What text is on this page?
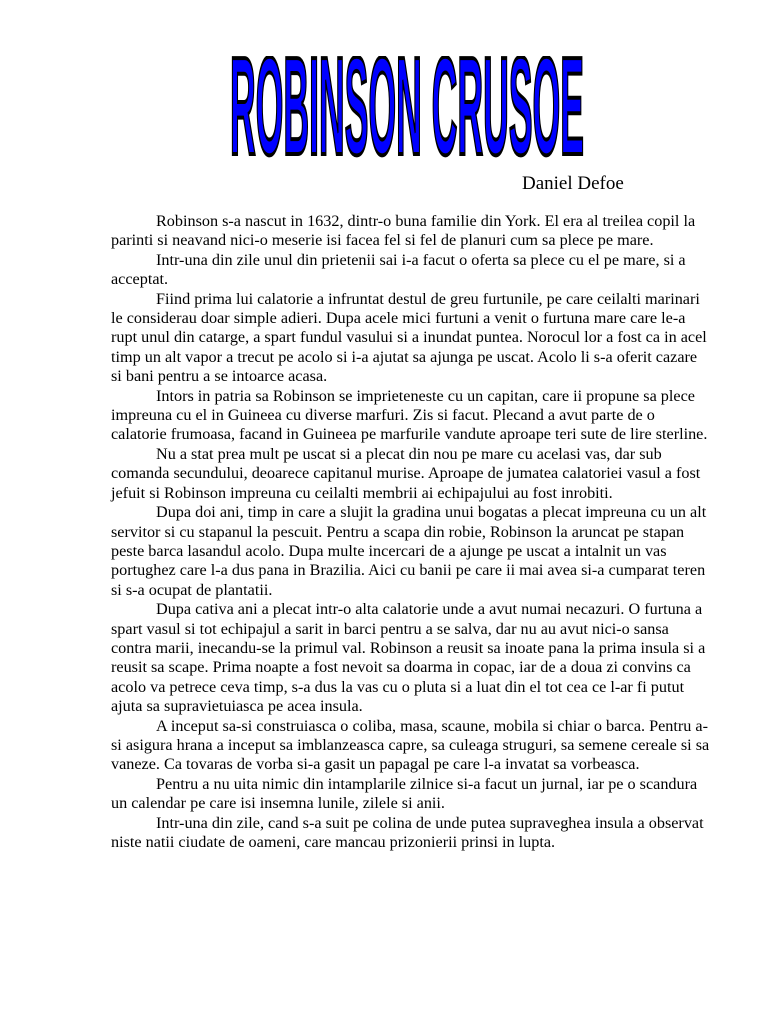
ROBINSON CRUSOE
Daniel Defoe

Robinson s-a nascut in 1632, dintr-o buna familie din York. El era al treilea copil la parinti si neavand nici-o meserie isi facea fel si fel de planuri cum sa plece pe mare.

Intr-una din zile unul din prietenii sai i-a facut o oferta sa plece cu el pe mare, si a acceptat.

Fiind prima lui calatorie a infruntat destul de greu furtunile, pe care ceilalti marinari le considerau doar simple adieri. Dupa acele mici furtuni a venit o furtuna mare care le-a rupt unul din catarge, a spart fundul vasului si a inundat puntea. Norocul lor a fost ca in acel timp un alt vapor a trecut pe acolo si i-a ajutat sa ajunga pe uscat. Acolo li s-a oferit cazare si bani pentru a se intoarce acasa.

Intors in patria sa Robinson se imprieteneste cu un capitan, care ii propune sa plece impreuna cu el in Guineea cu diverse marfuri. Zis si facut. Plecand a avut parte de o calatorie frumoasa, facand in Guineea pe marfurile vandute aproape teri sute de lire sterline.

Nu a stat prea mult pe uscat si a plecat din nou pe mare cu acelasi vas, dar sub comanda secundului, deoarece capitanul murise. Aproape de jumatea calatoriei vasul a fost jefuit si Robinson impreuna cu ceilalti membrii ai echipajului au fost inrobiti.

Dupa doi ani, timp in care a slujit la gradina unui bogatas a plecat impreuna cu un alt servitor si cu stapanul la pescuit. Pentru a scapa din robie, Robinson la aruncat pe stapan peste barca lasandul acolo. Dupa multe incercari de a ajunge pe uscat a intalnit un vas portughez care l-a dus pana in Brazilia. Aici cu banii pe care ii mai avea si-a cumparat teren si s-a ocupat de plantatii.

Dupa cativa ani a plecat intr-o alta calatorie unde a avut numai necazuri. O furtuna a spart vasul si tot echipajul a sarit in barci pentru a se salva, dar nu au avut nici-o sansa contra marii, inecandu-se la primul val. Robinson a reusit sa inoate pana la prima insula si a reusit sa scape. Prima noapte a fost nevoit sa doarma in copac, iar de a doua zi convins ca acolo va petrece ceva timp, s-a dus la vas cu o pluta si a luat din el tot cea ce l-ar fi putut ajuta sa supravietuiasca pe acea insula.

A inceput sa-si construiasca o coliba, masa, scaune, mobila si chiar o barca. Pentru a-si asigura hrana a inceput sa imblanzeasca capre, sa culeaga struguri, sa semene cereale si sa vaneze. Ca tovaras de vorba si-a gasit un papagal pe care l-a invatat sa vorbeasca.

Pentru a nu uita nimic din intamplarile zilnice si-a facut un jurnal, iar pe o scandura un calendar pe care isi insemna lunile, zilele si anii.

Intr-una din zile, cand s-a suit pe colina de unde putea supraveghea insula a observat niste natii ciudate de oameni, care mancau prizonierii prinsi in lupta.
